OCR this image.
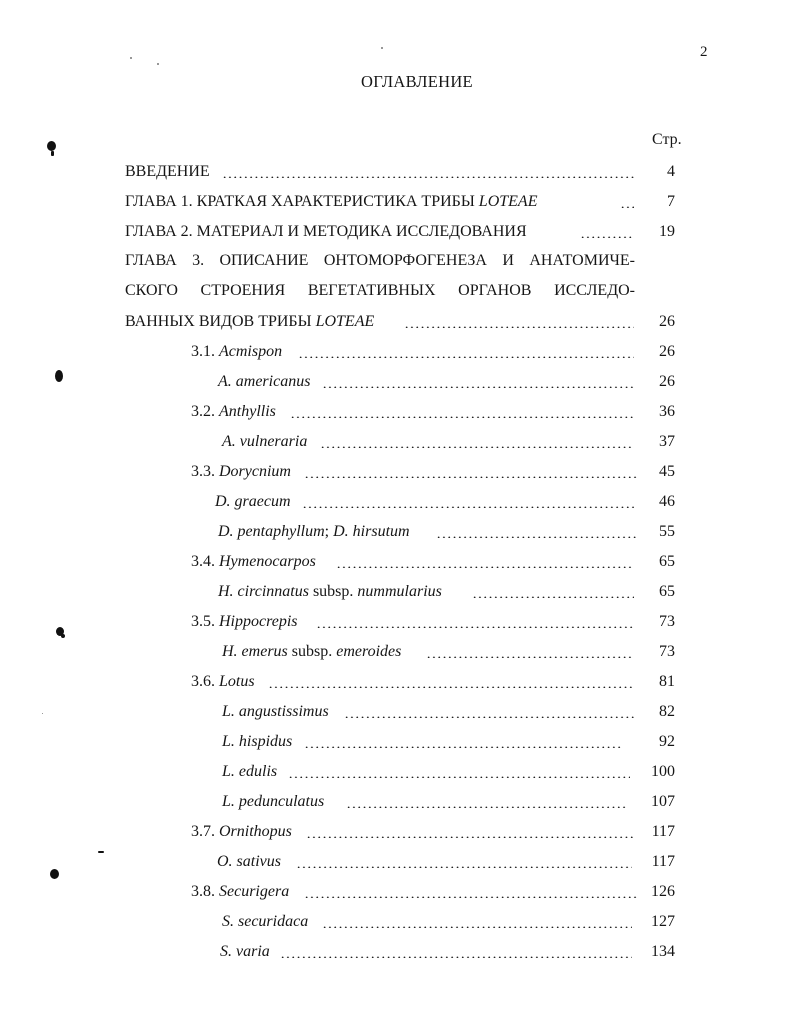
2
ОГЛАВЛЕНИЕ
Стр.
ВВЕДЕНИЕ	4
ГЛАВА 1. КРАТКАЯ ХАРАКТЕРИСТИКА ТРИБЫ LOTEAE	7
ГЛАВА 2. МАТЕРИАЛ И МЕТОДИКА ИССЛЕДОВАНИЯ	19
ГЛАВА 3. ОПИСАНИЕ ОНТОМОРФОГЕНЕЗА И АНАТОМИЧЕ-
СКОГО СТРОЕНИЯ ВЕГЕТАТИВНЫХ ОРГАНОВ ИССЛЕДО-
ВАННЫХ ВИДОВ ТРИБЫ LOTEAE	26
3.1. Acmispon	26
A. americanus	26
3.2. Anthyllis	36
A. vulneraria	37
3.3. Dorycnium	45
D. graecum	46
D. pentaphyllum; D. hirsutum	55
3.4. Hymenocarpos	65
H. circinnatus subsp. nummularius	65
3.5. Hippocrepis	73
H. emerus subsp. emeroides	73
3.6. Lotus	81
L. angustissimus	82
L. hispidus	92
L. edulis	100
L. pedunculatus	107
3.7. Ornithopus	117
O. sativus	117
3.8. Securigera	126
S. securidaca	127
S. varia	134
